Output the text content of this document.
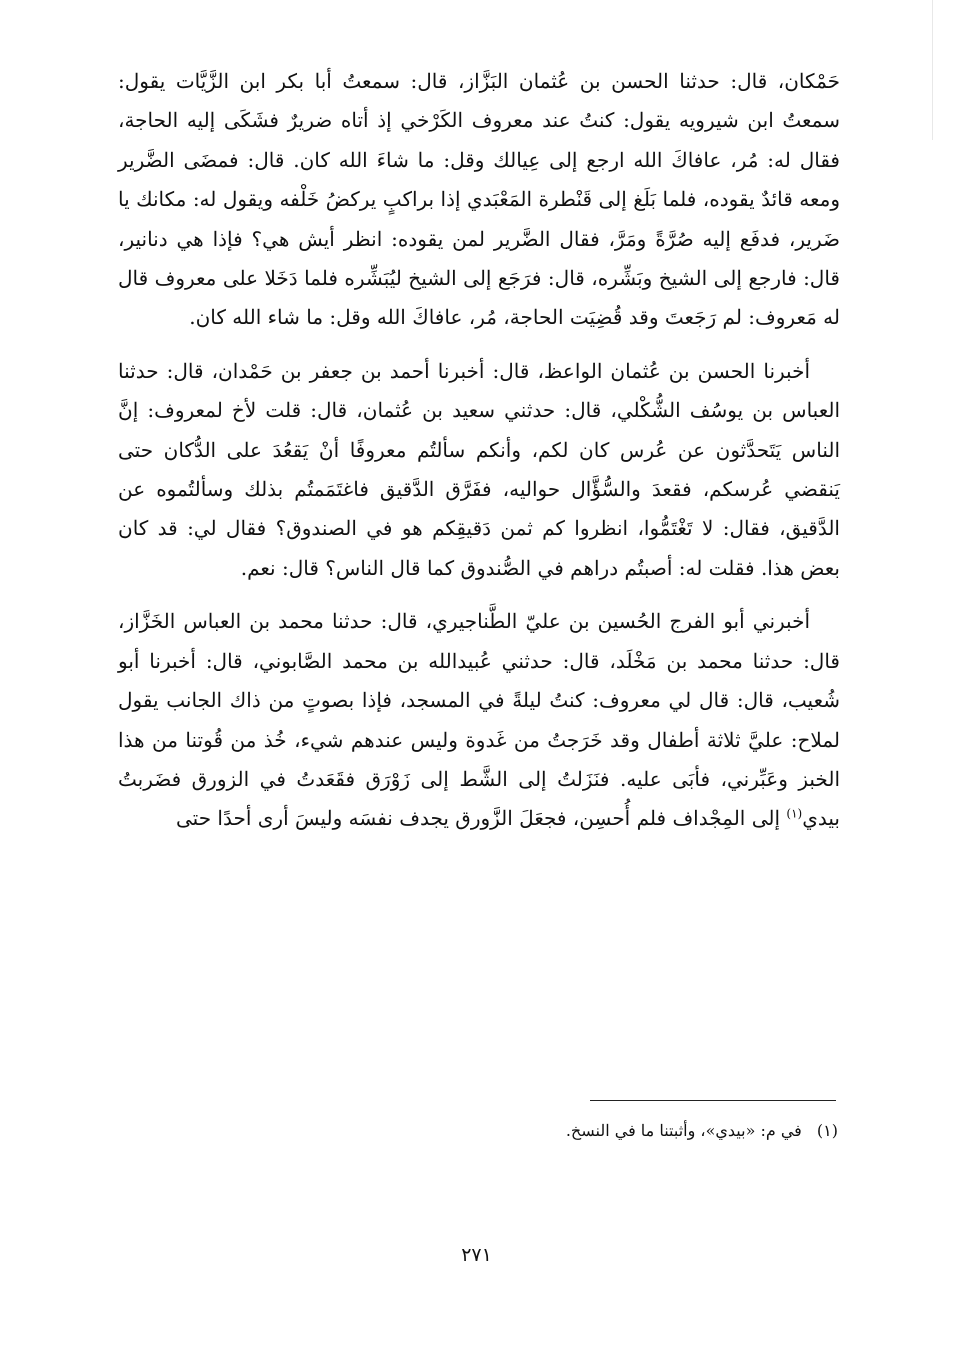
حَمْكان، قال: حدثنا الحسن بن عُثمان البَزَّاز، قال: سمعتُ أبا بكر ابن الزَّيَّات يقول: سمعتُ ابن شيرويه يقول: كنتُ عند معروف الكَرْخي إذ أتاه ضريرٌ فشَكَى إليه الحاجة، فقال له: مُر، عافاكَ الله ارجع إلى عِيالك وقل: ما شاءَ الله كان. قال: فمضَى الضَّرير ومعه قائدٌ يقوده، فلما بَلَغ إلى قَنْطرة المَعْبَدي إذا براكبٍ يركضُ خَلْفه ويقول له: مكانك يا ضَرير، فدفَع إليه صُرَّةً ومَرَّ، فقال الضَّرير لمن يقوده: انظر أيش هي؟ فإذا هي دنانير، قال: فارجع إلى الشيخ وبَشِّره، قال: فرَجَع إلى الشيخ ليُبَشِّره فلما دَخَلا على معروف قال له مَعروف: لم رَجَعتَ وقد قُضِيَت الحاجة، مُر، عافاكَ الله وقل: ما شاء الله كان.

أخبرنا الحسن بن عُثمان الواعظ، قال: أخبرنا أحمد بن جعفر بن حَمْدان، قال: حدثنا العباس بن يوسُف الشُّكْلي، قال: حدثني سعيد بن عُثمان، قال: قلت لأخ لمعروف: إنَّ الناس يَتَحدَّثون عن عُرس كان لكم، وأنكم سألتُم معروفًا أنْ يَقعُدَ على الدُّكان حتى يَنقضي عُرسكم، فقعدَ والسُّؤَّال حواليه، ففَرَّق الدَّقيق فاغتَمَمتُم بذلك وسألتُموه عن الدَّقيق، فقال: لا تَغْتَمُّوا، انظروا كم ثمن دَقيقِكم هو في الصندوق؟ فقال لي: قد كان بعض هذا. فقلت له: أصبتُم دراهم في الصُّندوق كما قال الناس؟ قال: نعم.

أخبرني أبو الفرج الحُسين بن عليّ الطَّناجيري، قال: حدثنا محمد بن العباس الخَزَّاز، قال: حدثنا محمد بن مَخْلَد، قال: حدثني عُبيدالله بن محمد الصَّابوني، قال: أخبرنا أبو شُعيب، قال: قال لي معروف: كنتُ ليلةً في المسجد، فإذا بصوتٍ من ذاك الجانب يقول لملاح: عليَّ ثلاثة أطفال وقد خَرَجتُ من غَدوة وليس عندهم شيء، خُذ من قُوتنا من هذا الخبز وعَبِّرني، فأبَى عليه. فنَزَلتُ إلى الشَّط إلى زَوْرَق فقَعَدتُ في الزورق فضَربتُ بيدي$^{(١)}$ إلى المِجْداف فلم أُحسِن، فجعَلَ الزَّورق يجدف نفسَه وليسَ أرى أحدًا حتى

(١) في م: «بيدي»، وأثبتنا ما في النسخ.
٢٧١
